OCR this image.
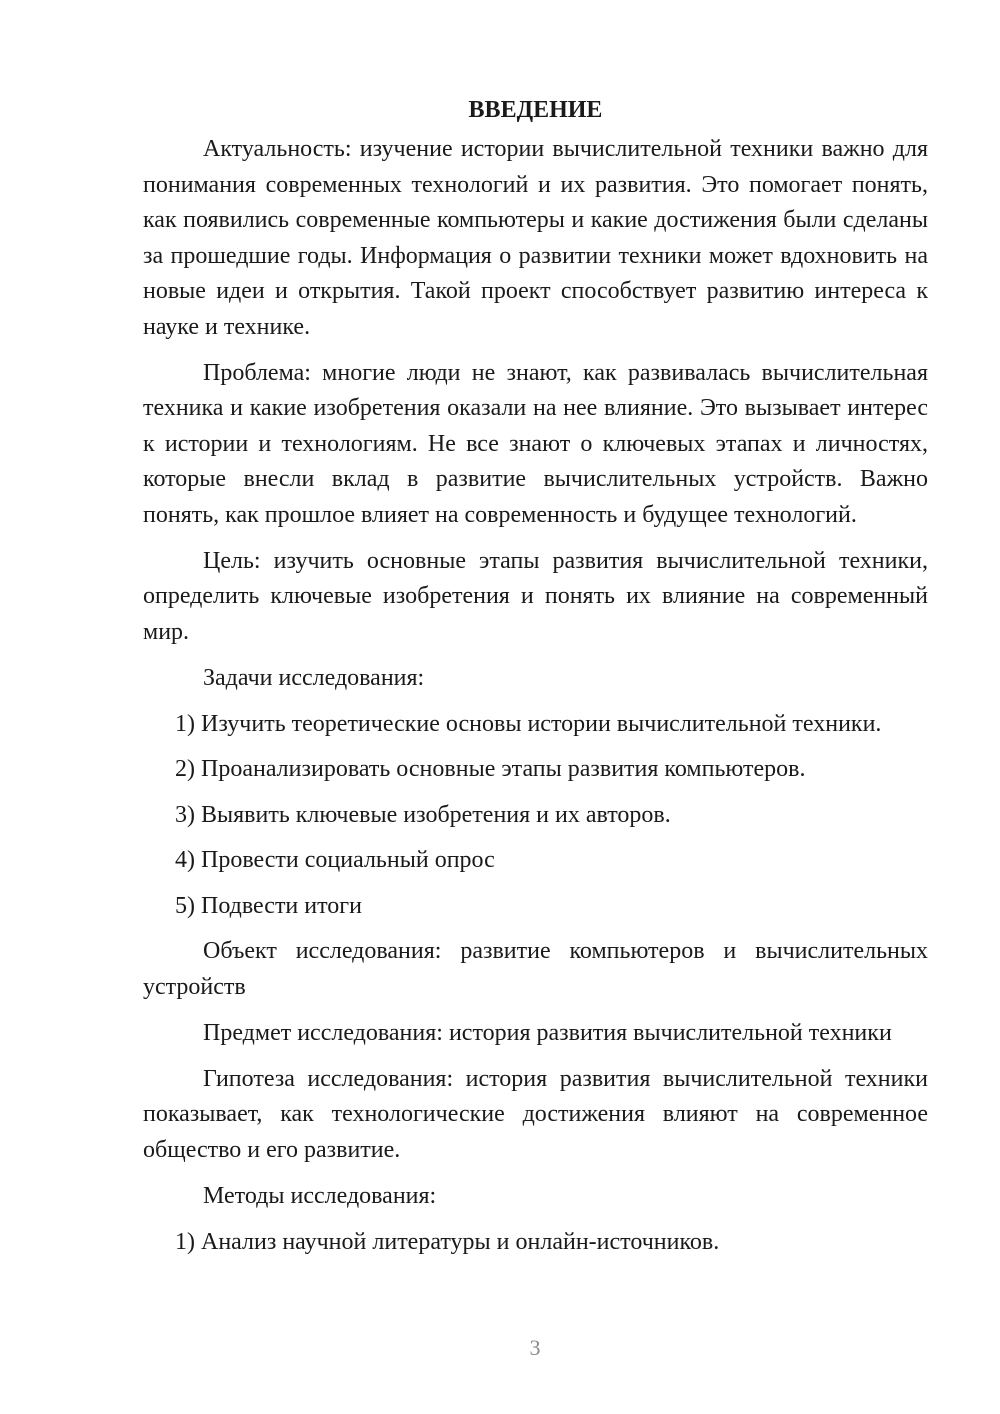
ВВЕДЕНИЕ

Актуальность: изучение истории вычислительной техники важно для понимания современных технологий и их развития. Это помогает понять, как появились современные компьютеры и какие достижения были сделаны за прошедшие годы. Информация о развитии техники может вдохновить на новые идеи и открытия. Такой проект способствует развитию интереса к науке и технике.

Проблема: многие люди не знают, как развивалась вычислительная техника и какие изобретения оказали на нее влияние. Это вызывает интерес к истории и технологиям. Не все знают о ключевых этапах и личностях, которые внесли вклад в развитие вычислительных устройств. Важно понять, как прошлое влияет на современность и будущее технологий.

Цель: изучить основные этапы развития вычислительной техники, определить ключевые изобретения и понять их влияние на современный мир.

Задачи исследования:
1) Изучить теоретические основы истории вычислительной техники.
2) Проанализировать основные этапы развития компьютеров.
3) Выявить ключевые изобретения и их авторов.
4) Провести социальный опрос
5) Подвести итоги

Объект исследования: развитие компьютеров и вычислительных устройств

Предмет исследования: история развития вычислительной техники

Гипотеза исследования: история развития вычислительной техники показывает, как технологические достижения влияют на современное общество и его развитие.

Методы исследования:
1) Анализ научной литературы и онлайн-источников.
3
